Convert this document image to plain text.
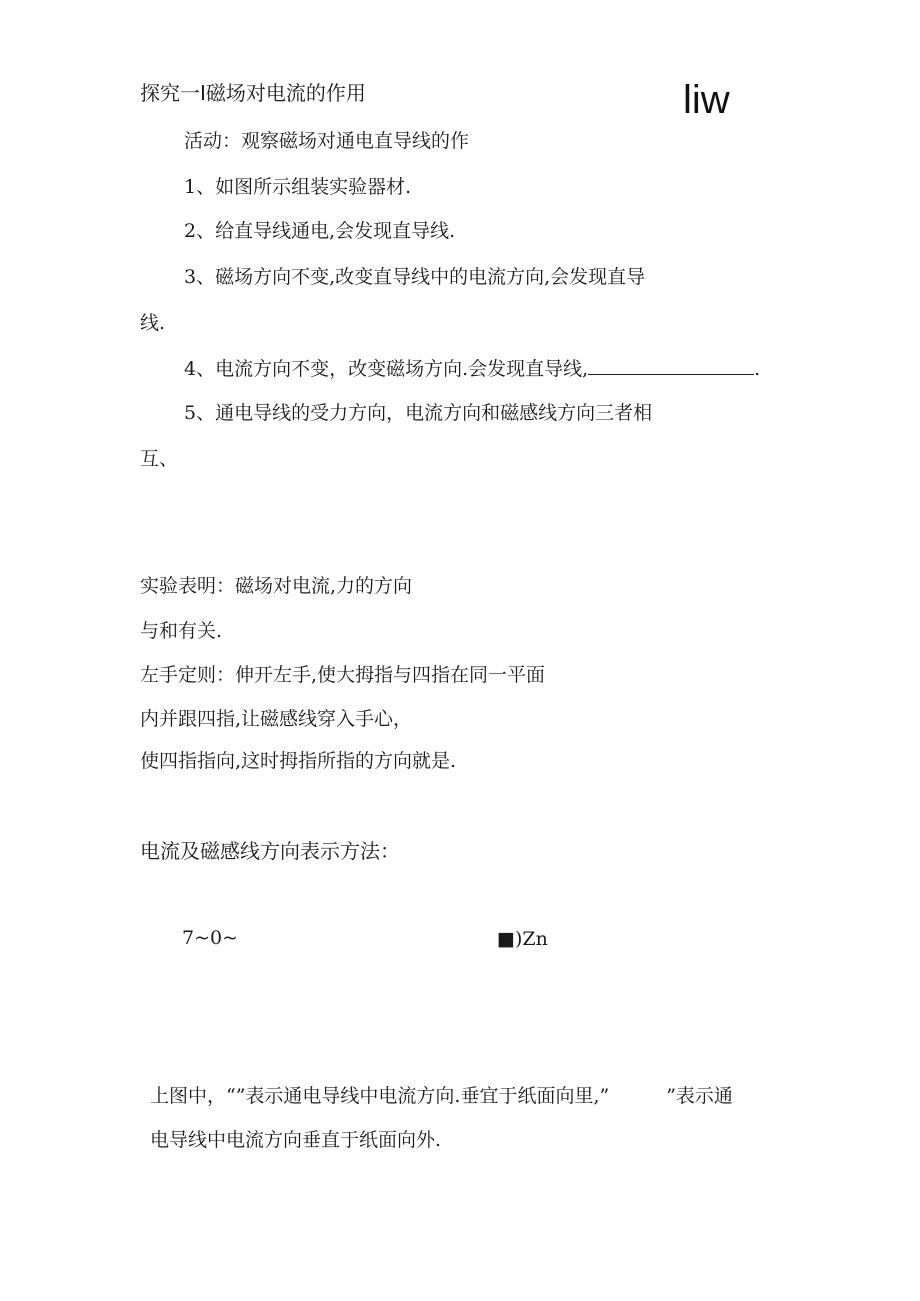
探究一I磁场对电流的作用	liw
活动：观察磁场对通电直导线的作
1、如图所示组装实验器材.
2、给直导线通电,会发现直导线.
3、磁场方向不变,改变直导线中的电流方向,会发现直导
线.
4、电流方向不变，改变磁场方向.会发现直导线,	.
5、通电导线的受力方向，电流方向和磁感线方向三者相
互、
实验表明：磁场对电流,力的方向
与和有关.
左手定则：伸开左手,使大拇指与四指在同一平面
内并跟四指,让磁感线穿入手心，
使四指指向,这时拇指所指的方向就是.
电流及磁感线方向表示方法：
7~0~	■)Zn
上图中，“”表示通电导线中电流方向.垂宜于纸面向里,”　　　”表示通
电导线中电流方向垂直于纸面向外.
